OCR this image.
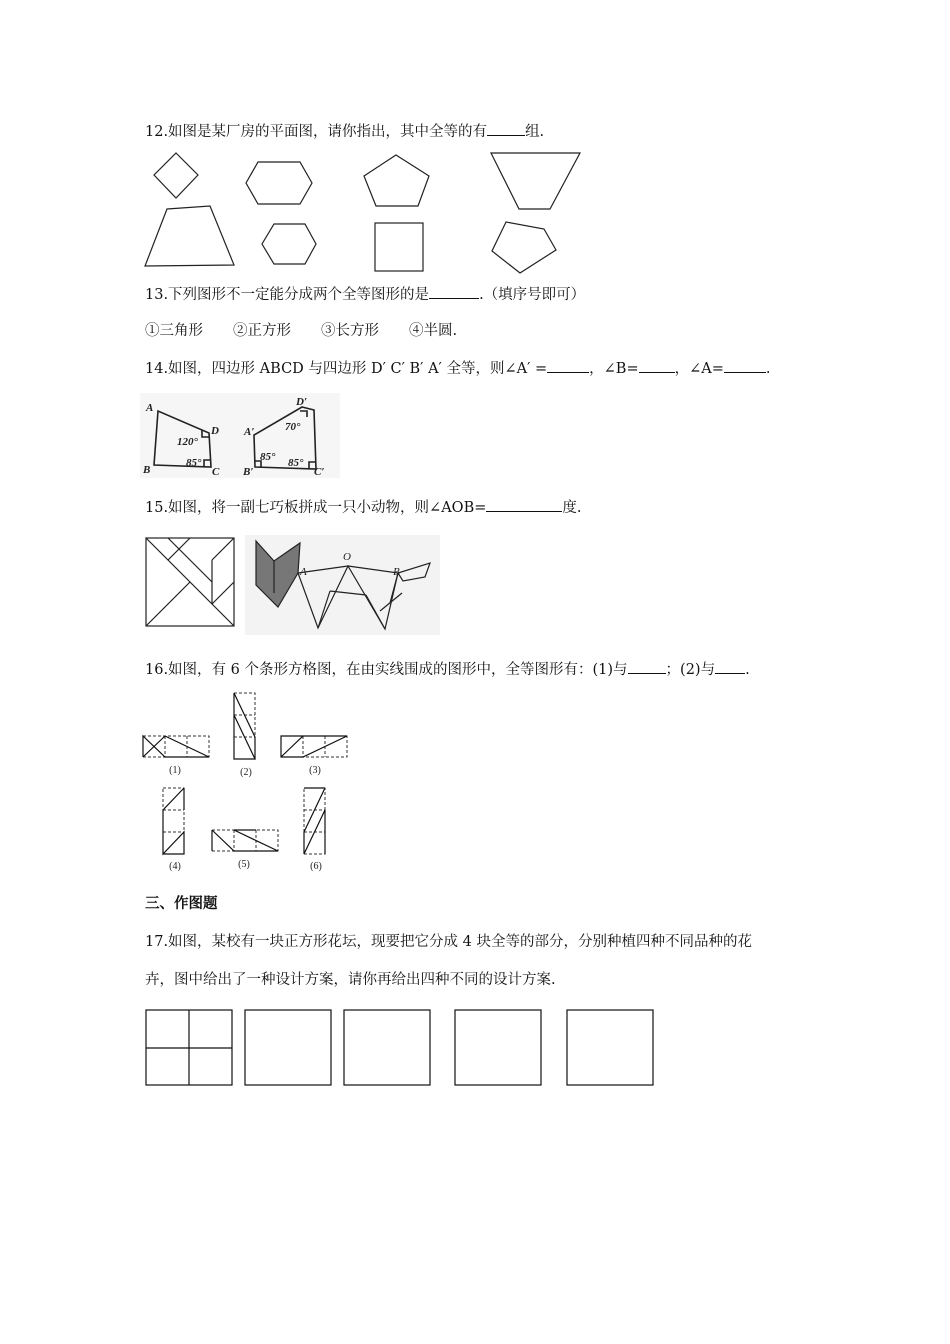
12.如图是某厂房的平面图，请你指出，其中全等的有	组.
13.下列图形不一定能分成两个全等图形的是	.（填序号即可）
①三角形 ②正方形 ③长方形 ④半圆.
14.如图，四边形 ABCD 与四边形 D′ C′ B′ A′ 全等，则∠A′ =	，∠B= ，∠A=	.
A
B	C
D
120°
85°
A′
B′	C′
D′
70°
85° 85°
15.如图，将一副七巧板拼成一只小动物，则∠AOB=	度.
A
O
B
16.如图，有 6 个条形方格图，在由实线围成的图形中，全等图形有：(1)与	；(2)与 .
(1)	(2)	(3)
(4)	(5)	(6)
三、作图题
17.如图，某校有一块正方形花坛，现要把它分成 4 块全等的部分，分别种植四种不同品种的花
卉，图中给出了一种设计方案，请你再给出四种不同的设计方案.
